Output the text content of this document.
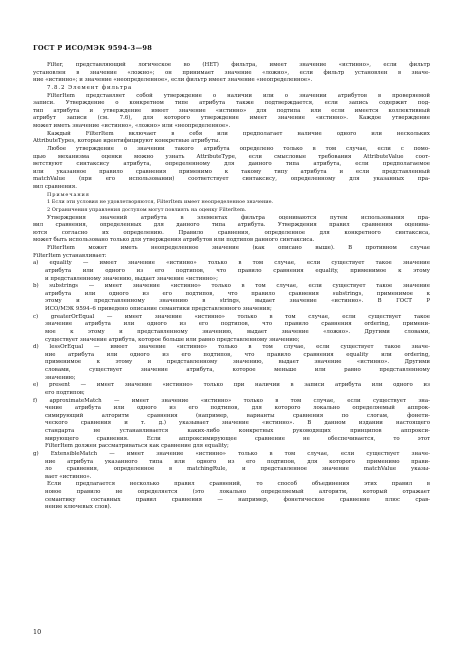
ГОСТ Р ИСО/МЭК 9594-3—98
Filter, представляющий логическое во (НЕТ) фильтра, имеет значение «истинно», если фильтр
установлен в значение «ложно»; он принимает значение «ложно», если фильтр установлен в значе-
ние «истинно»; и значение «неопределенное», если фильтр имеет значение «неопределенное».
7.8.2 Элемент фильтра
FilterItem представляет собой утверждение о наличии или о значении атрибутов в проверяемой
записи. Утверждение о конкретном типе атрибута также подтверждается, если запись содержит под-
тип атрибута и утверждение имеет значение «истинно» для подтипа или если имеется коллективный
атрибут записи (см. 7.6), для которого утверждение имеет значение «истинно». Каждое утверждение
может иметь значение «истинно», «ложно» или «неопределенное».
Каждый FilterItem включает в себя или предполагает наличие одного или нескольких
AttributeTypes, которые идентифицируют конкретные атрибуты.
Любое утверждение о значении такого атрибута определено только в том случае, если с помо-
щью механизма оценки можно узнать AttributeType, если смысловые требования AttributeValue соот-
ветствуют синтаксису атрибута, определенному для данного типа атрибута, если предполагаемое
или указанное правило сравнения применимо к такому типу атрибута и если представленный
matchValue (при его использовании) соответствует синтаксису, определенному для указанных пра-
вил сравнения.
Примечания
1 Если эти условия не удовлетворяются, FilterItem имеет неопределенное значение.
2 Ограничения управления доступом могут повлиять на оценку FilterItem.
Утверждения значений атрибута в элементах фильтра оцениваются путем использования пра-
вил сравнения, определенных для данного типа атрибута. Утверждения правил сравнения оценива-
ются согласно их определению. Правило сравнения, определенное для конкретного синтаксиса,
может быть использовано только для утверждения атрибутов или подтипов данного синтаксиса.
FilterItem может иметь неопределенное значение (как описано выше). В противном случае
FilterItem устанавливает:
a) equality — имеет значение «истинно» только в том случае, если существует такое значение
атрибута или одного из его подтипов, что правило сравнения equality, применимое к этому
и представленному значению, выдает значение «истинно»;
b) substrings — имеет значение «истинно» только в том случае, если существует такое значение
атрибута или одного из его подтипов, что правило сравнения substrings, применимое к
этому и представленному значению в strings, выдает значение «истинно». В ГОСТ Р
ИСО/МЭК 9594–6 приведено описание семантики представленного значения;
c) greaterOrEqual — имеет значение «истинно» только в том случае, если существует такое
значение атрибута или одного из его подтипов, что правило сравнения ordering, примени-
мое к этому и представленному значению, выдает значение «ложно». Другими словами,
существует значение атрибута, которое больше или равно представленному значению;
d) lessOrEqual — имеет значение «истинно» только в том случае, если существует такое значе-
ние атрибута или одного из его подтипов, что правило сравнения equality или ordering,
применимое к этому и представленному значению, выдает значение «истинно». Другими
словами, существует значение атрибута, которое меньше или равно представленному
значению;
e) present — имеет значение «истинно» только при наличии в записи атрибута или одного из
его подтипов;
f) approximateMatch — имеет значение «истинно» только в том случае, если существует зна-
чение атрибута или одного из его подтипов, для которого локально определяемый аппрок-
симирующий алгоритм сравнения (например, варианты сравнения по слогам, фонети-
ческого сравнения и т. д.) указывает значение «истинно». В данном издании настоящего
стандарта не устанавливается каких-либо конкретных руководящих принципов аппрокси-
мирующего сравнения. Если аппроксимирующее сравнение не обеспечивается, то этот
FilterItem должен рассматриваться как сравнение для equality;
g) ExtensibleMatch — имеет значение «истинно» только в том случае, если существует значе-
ние атрибута указанного типа или одного из его подтипов, для которого применимо прави-
ло сравнения, определенное в matchingRule, и представленное значение matchValue указы-
вает «истинно».
Если предлагается несколько правил сравнений, то способ объединения этих правил в
новое правило не определяется (это локально определяемый алгоритм, который отражает
семантику составных правил сравнения — например, фонетическое сравнение плюс срав-
нение ключевых слов).
10
